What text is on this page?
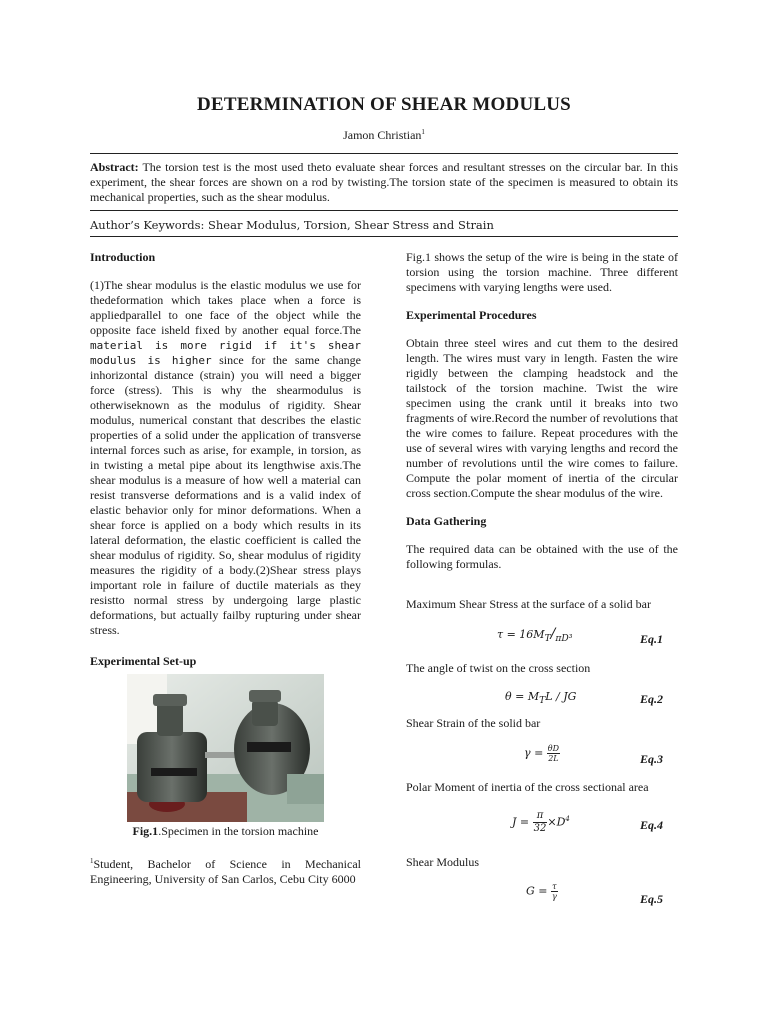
DETERMINATION OF SHEAR MODULUS
Jamon Christian$^1$
Abstract: The torsion test is the most used theto evaluate shear forces and resultant stresses on the circular bar. In this experiment, the shear forces are shown on a rod by twisting.The torsion state of the specimen is measured to obtain its mechanical properties, such as the shear modulus.
Author’s Keywords: Shear Modulus, Torsion, Shear Stress and Strain
Introduction

(1)The shear modulus is the elastic modulus we use for thedeformation which takes place when a force is appliedparallel to one face of the object while the opposite face isheld fixed by another equal force.The material is more rigid if it's shear modulus is higher since for the same change inhorizontal distance (strain) you will need a bigger force (stress). This is why the shearmodulus is otherwiseknown as the modulus of rigidity. Shear modulus, numerical constant that describes the elastic properties of a solid under the application of transverse internal forces such as arise, for example, in torsion, as in twisting a metal pipe about its lengthwise axis.The shear modulus is a measure of how well a material can resist transverse deformations and is a valid index of elastic behavior only for minor deformations. When a shear force is applied on a body which results in its lateral deformation, the elastic coefficient is called the shear modulus of rigidity. So, shear modulus of rigidity measures the rigidity of a body.(2)Shear stress plays important role in failure of ductile materials as they resistto normal stress by undergoing large plastic deformations, but actually failby rupturing under shear stress.

Experimental Set-up
Fig.1.Specimen in the torsion machine
$^1$Student, Bachelor of Science in Mechanical Engineering, University of San Carlos, Cebu City 6000

Fig.1 shows the setup of the wire is being in the state of torsion using the torsion machine. Three different specimens with varying lengths were used.

Experimental Procedures

Obtain three steel wires and cut them to the desired length. The wires must vary in length. Fasten the wire rigidly between the clamping headstock and the tailstock of the torsion machine. Twist the wire specimen using the crank until it breaks into two fragments of wire.Record the number of revolutions that the wire comes to failure. Repeat procedures with the use of several wires with varying lengths and record the number of revolutions until the wire comes to failure. Compute the polar moment of inertia of the circular cross section.Compute the shear modulus of the wire.

Data Gathering

The required data can be obtained with the use of the following formulas.

Maximum Shear Stress at the surface of a solid bar
$\tau = 16M_T/_{\pi D^3}$	Eq.1
The angle of twist on the cross section
$\theta = M_TL$ / JG	Eq.2
Shear Strain of the solid bar
$\gamma = \frac{\theta D}{2L}$	Eq.3
Polar Moment of inertia of the cross sectional area
$J = \frac{\pi}{32} \times D^4$	Eq.4
Shear Modulus
$G = \frac{\tau}{\gamma}$	Eq.5
